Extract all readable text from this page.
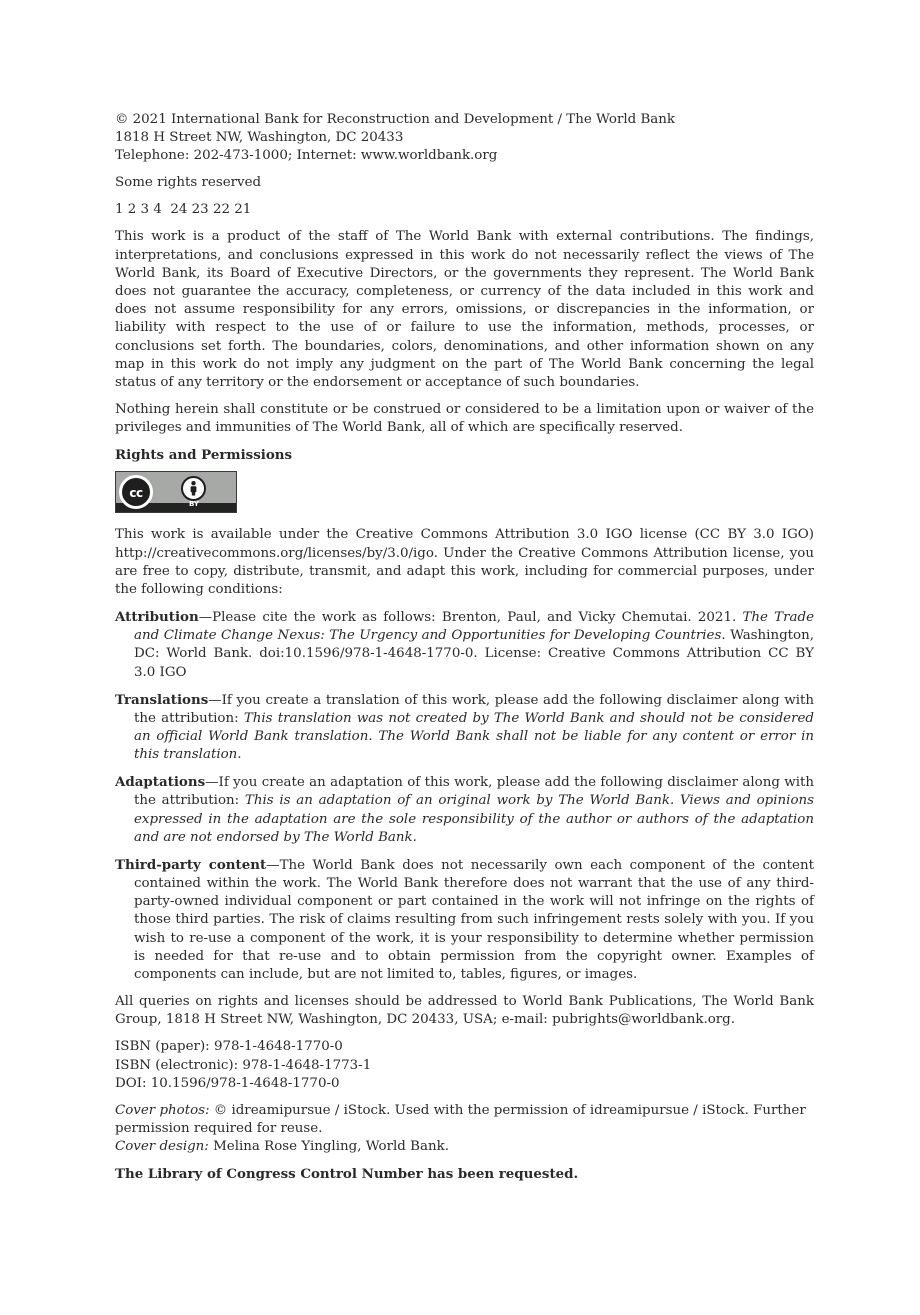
© 2021 International Bank for Reconstruction and Development / The World Bank
1818 H Street NW, Washington, DC 20433
Telephone: 202-473-1000; Internet: www.worldbank.org

Some rights reserved

1 2 3 4  24 23 22 21

This work is a product of the staff of The World Bank with external contributions. The findings, interpretations, and conclusions expressed in this work do not necessarily reflect the views of The World Bank, its Board of Executive Directors, or the governments they represent. The World Bank does not guarantee the accuracy, completeness, or currency of the data included in this work and does not assume responsibility for any errors, omissions, or discrepancies in the information, or liability with respect to the use of or failure to use the information, methods, processes, or conclusions set forth. The boundaries, colors, denominations, and other information shown on any map in this work do not imply any judgment on the part of The World Bank concerning the legal status of any territory or the endorsement or acceptance of such boundaries.

Nothing herein shall constitute or be construed or considered to be a limitation upon or waiver of the privileges and immunities of The World Bank, all of which are specifically reserved.

Rights and Permissions

cc
BY

This work is available under the Creative Commons Attribution 3.0 IGO license (CC BY 3.0 IGO) http://creativecommons.org/licenses/by/3.0/igo. Under the Creative Commons Attribution license, you are free to copy, distribute, transmit, and adapt this work, including for commercial purposes, under the following conditions:

Attribution—Please cite the work as follows: Brenton, Paul, and Vicky Chemutai. 2021. The Trade and Climate Change Nexus: The Urgency and Opportunities for Developing Countries. Washington, DC: World Bank. doi:10.1596/978-1-4648-1770-0. License: Creative Commons Attribution CC BY 3.0 IGO
Translations—If you create a translation of this work, please add the following disclaimer along with the attribution: This translation was not created by The World Bank and should not be considered an official World Bank translation. The World Bank shall not be liable for any content or error in this translation.
Adaptations—If you create an adaptation of this work, please add the following disclaimer along with the attribution: This is an adaptation of an original work by The World Bank. Views and opinions expressed in the adaptation are the sole responsibility of the author or authors of the adaptation and are not endorsed by The World Bank.
Third-party content—The World Bank does not necessarily own each component of the content contained within the work. The World Bank therefore does not warrant that the use of any third-party-owned individual component or part contained in the work will not infringe on the rights of those third parties. The risk of claims resulting from such infringement rests solely with you. If you wish to re-use a component of the work, it is your responsibility to determine whether permission is needed for that re-use and to obtain permission from the copyright owner. Examples of components can include, but are not limited to, tables, figures, or images.

All queries on rights and licenses should be addressed to World Bank Publications, The World Bank Group, 1818 H Street NW, Washington, DC 20433, USA; e-mail: pubrights@worldbank.org.

ISBN (paper): 978-1-4648-1770-0
ISBN (electronic): 978-1-4648-1773-1
DOI: 10.1596/978-1-4648-1770-0

Cover photos: © idreamipursue / iStock. Used with the permission of idreamipursue / iStock. Further permission required for reuse.
Cover design: Melina Rose Yingling, World Bank.

The Library of Congress Control Number has been requested.
